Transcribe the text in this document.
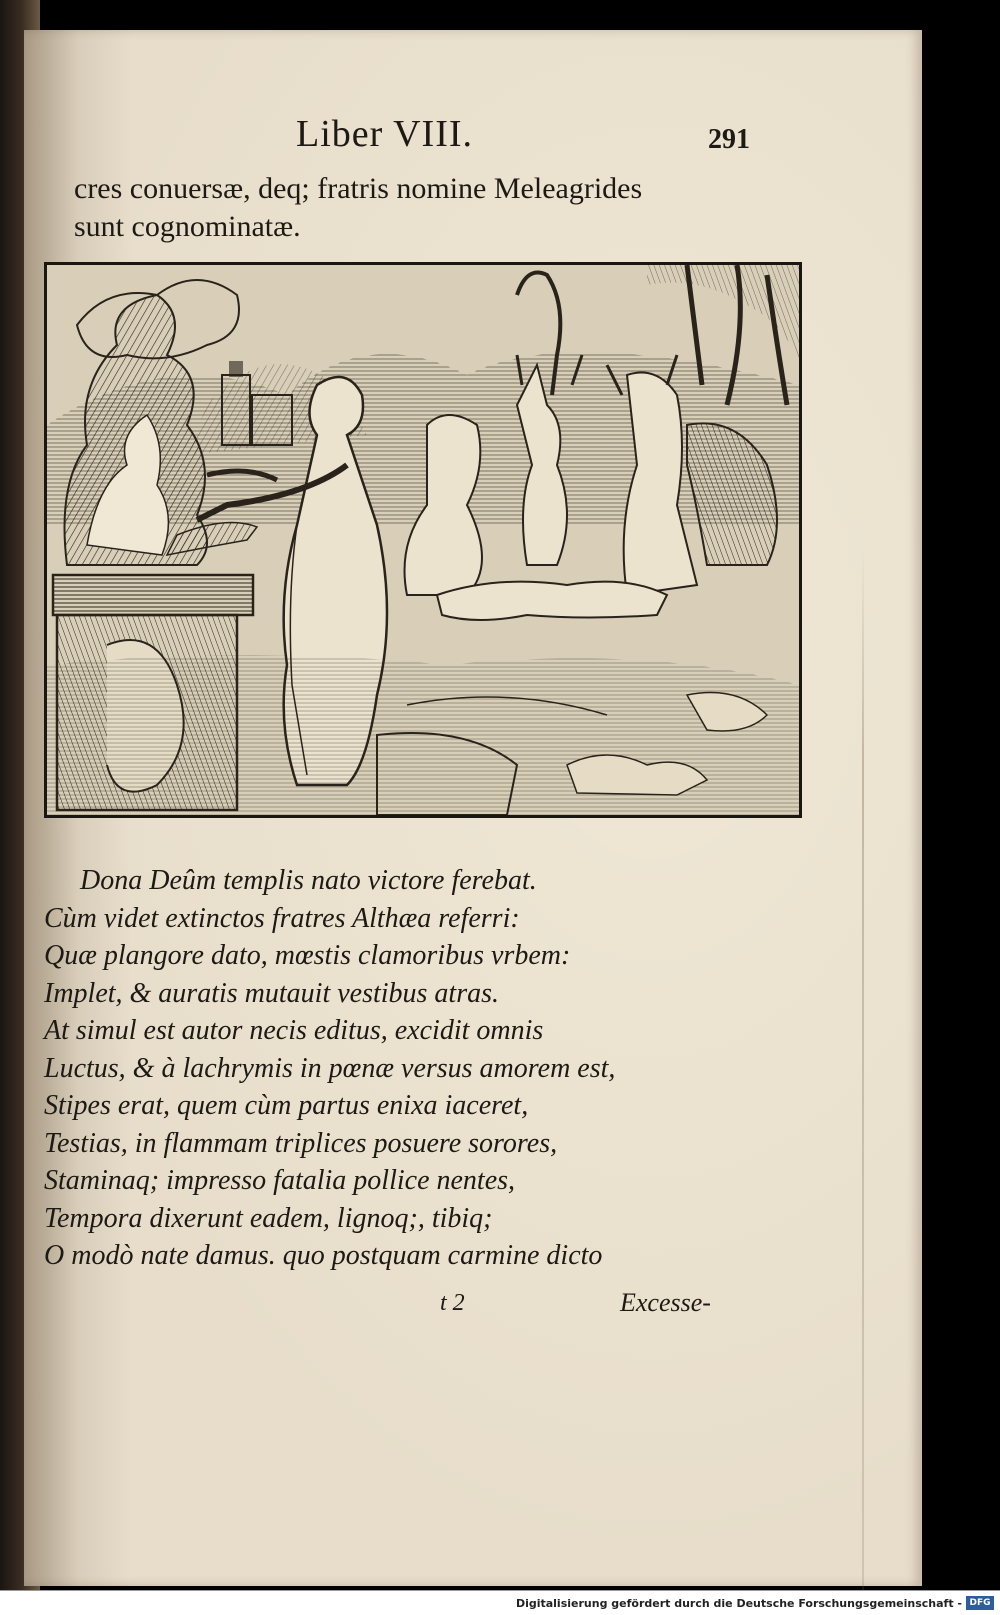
Liber VIII.	291
cres conuersæ, deq; fratris nomine Meleagrides
sunt cognominatæ.
Dona Deûm templis nato victore ferebat.
Cùm videt extinctos fratres Althæa referri:
Quæ plangore dato, mœstis clamoribus vrbem:
Implet, & auratis mutauit vestibus atras.
At simul est autor necis editus, excidit omnis
Luctus, & à lachrymis in pœnæ versus amorem est,
Stipes erat, quem cùm partus enixa iaceret,
Testias, in flammam triplices posuere sorores,
Staminaq; impresso fatalia pollice nentes,
Tempora dixerunt eadem, lignoq;, tibiq;
O modò nate damus. quo postquam carmine dicto
t 2	Excesse-
Digitalisierung gefördert durch die Deutsche Forschungsgemeinschaft - DFG
